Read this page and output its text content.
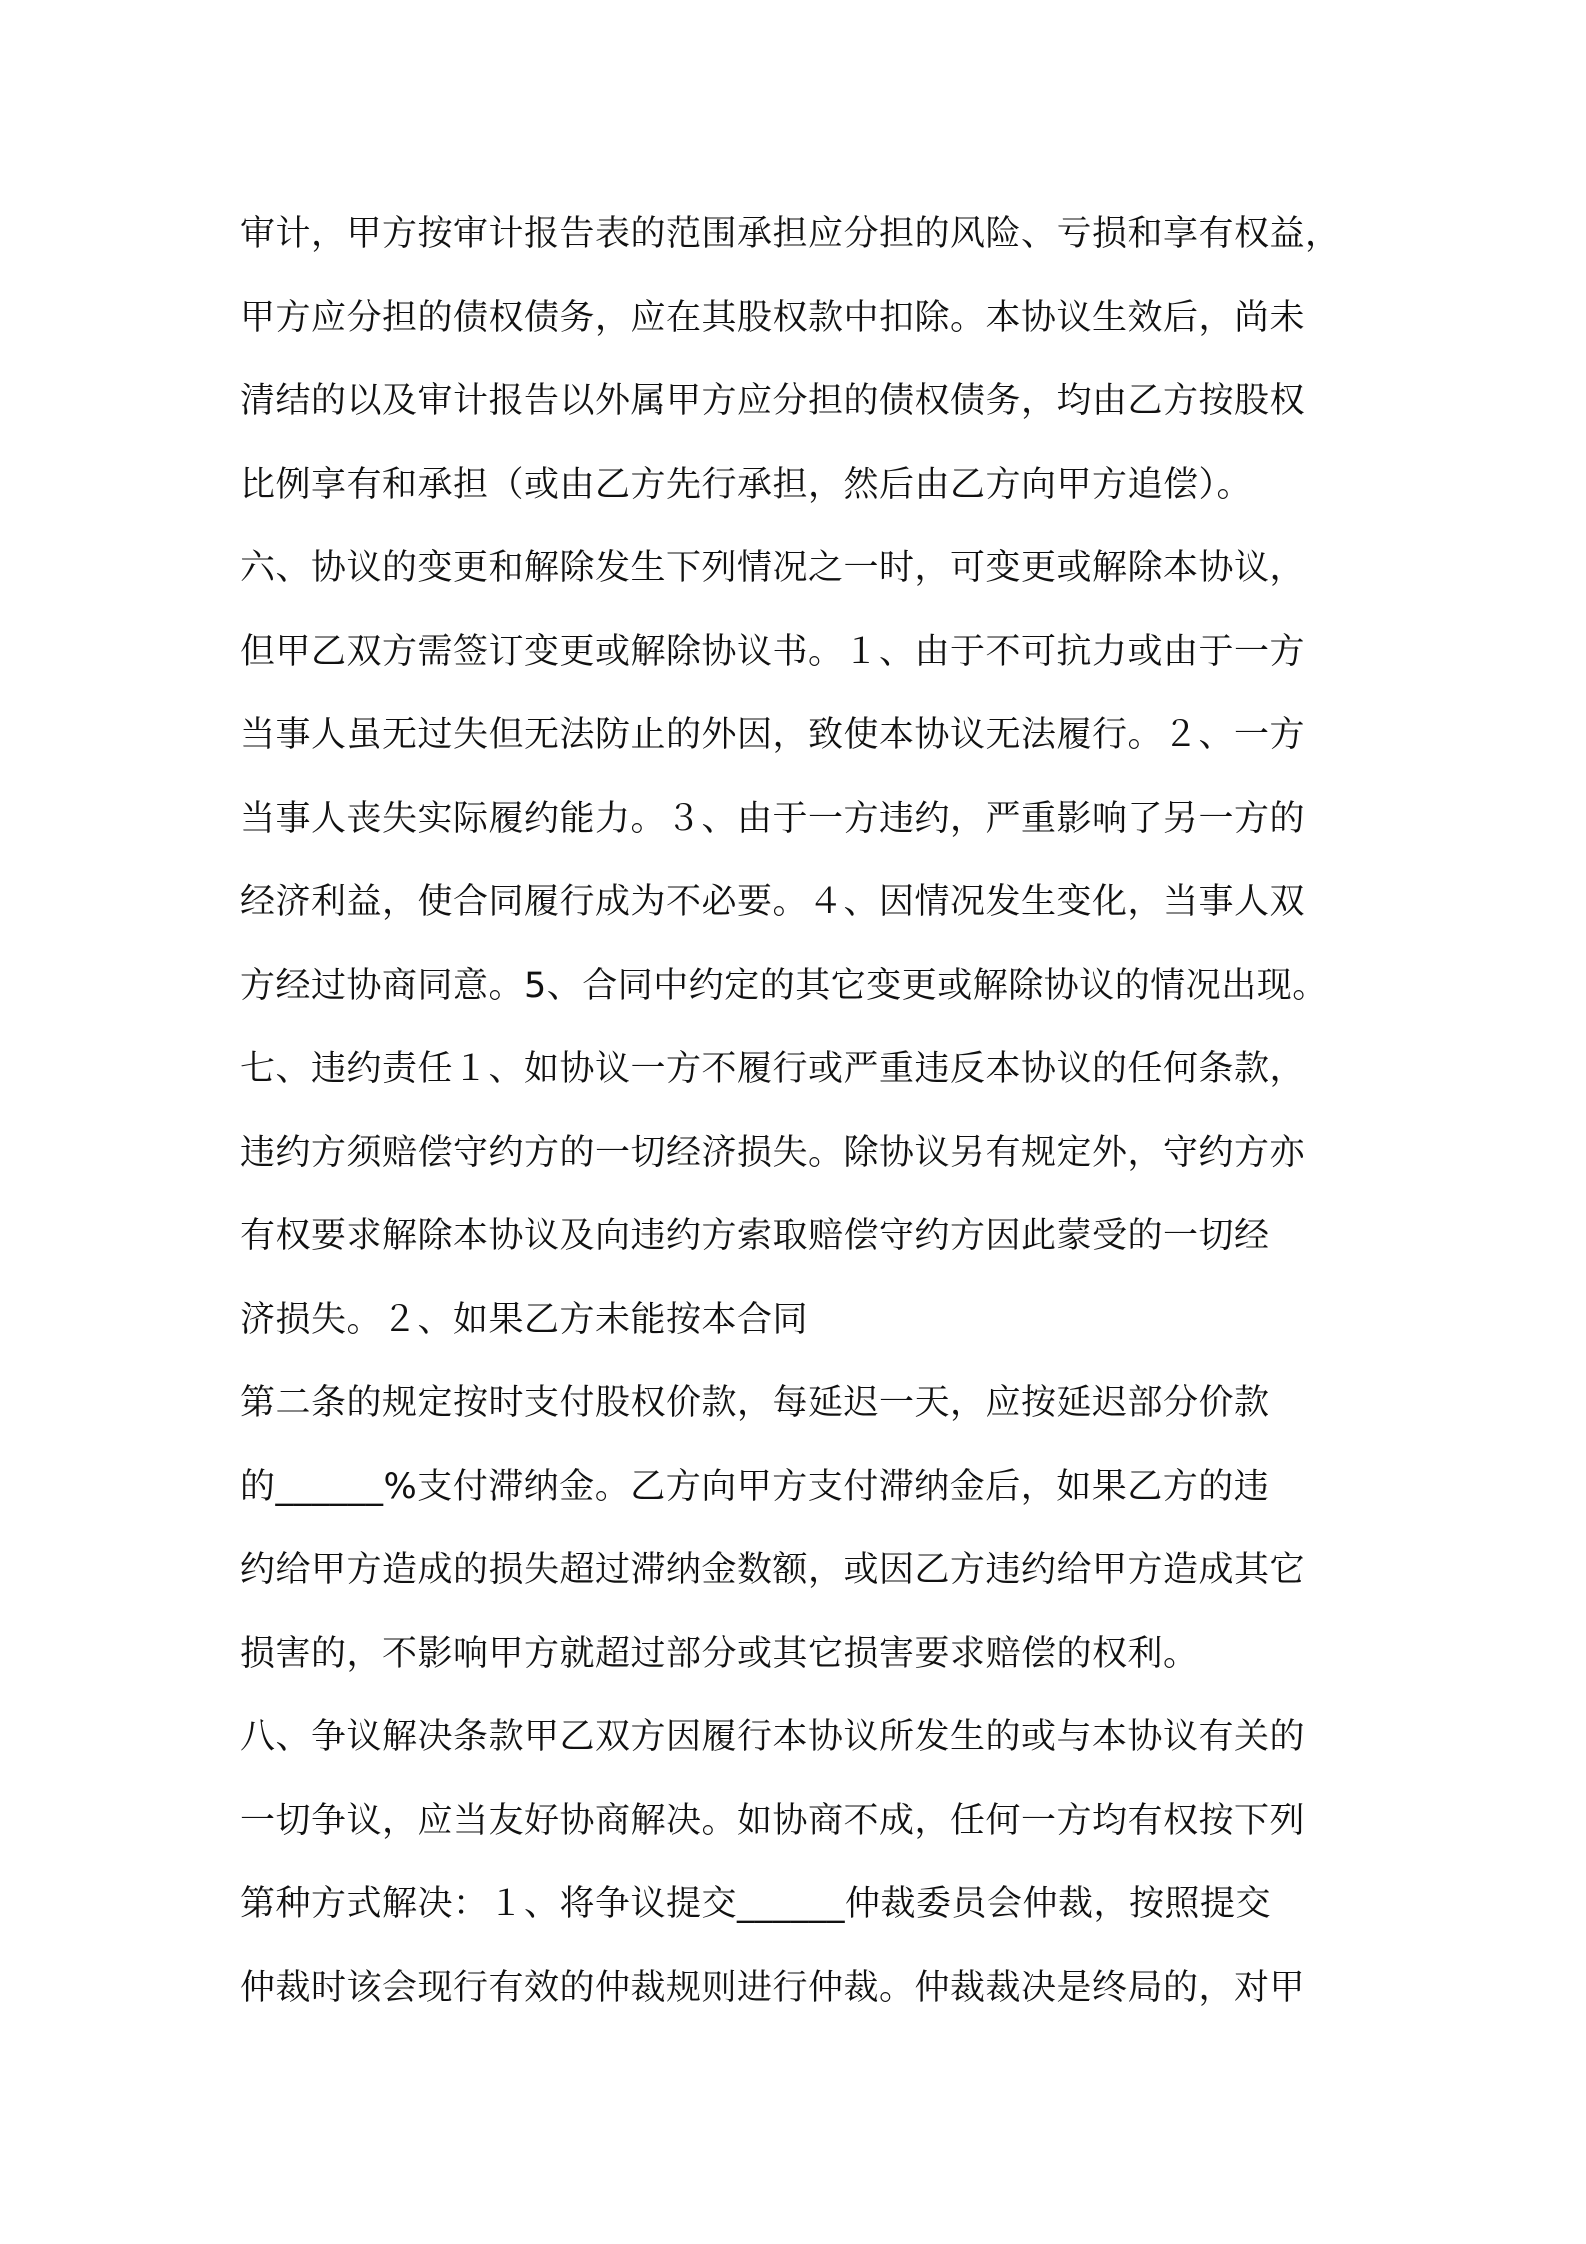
审计，甲方按审计报告表的范围承担应分担的风险、亏损和享有权益，
甲方应分担的债权债务，应在其股权款中扣除。本协议生效后，尚未
清结的以及审计报告以外属甲方应分担的债权债务，均由乙方按股权
比例享有和承担（或由乙方先行承担，然后由乙方向甲方追偿）。
六、协议的变更和解除发生下列情况之一时，可变更或解除本协议，
但甲乙双方需签订变更或解除协议书。１、由于不可抗力或由于一方
当事人虽无过失但无法防止的外因，致使本协议无法履行。２、一方
当事人丧失实际履约能力。３、由于一方违约，严重影响了另一方的
经济利益，使合同履行成为不必要。４、因情况发生变化，当事人双
方经过协商同意。5、合同中约定的其它变更或解除协议的情况出现。
七、违约责任１、如协议一方不履行或严重违反本协议的任何条款，
违约方须赔偿守约方的一切经济损失。除协议另有规定外，守约方亦
有权要求解除本协议及向违约方索取赔偿守约方因此蒙受的一切经
济损失。２、如果乙方未能按本合同
第二条的规定按时支付股权价款，每延迟一天，应按延迟部分价款
的______%支付滞纳金。乙方向甲方支付滞纳金后，如果乙方的违
约给甲方造成的损失超过滞纳金数额，或因乙方违约给甲方造成其它
损害的，不影响甲方就超过部分或其它损害要求赔偿的权利。
八、争议解决条款甲乙双方因履行本协议所发生的或与本协议有关的
一切争议，应当友好协商解决。如协商不成，任何一方均有权按下列
第种方式解决：１、将争议提交______仲裁委员会仲裁，按照提交
仲裁时该会现行有效的仲裁规则进行仲裁。仲裁裁决是终局的，对甲
